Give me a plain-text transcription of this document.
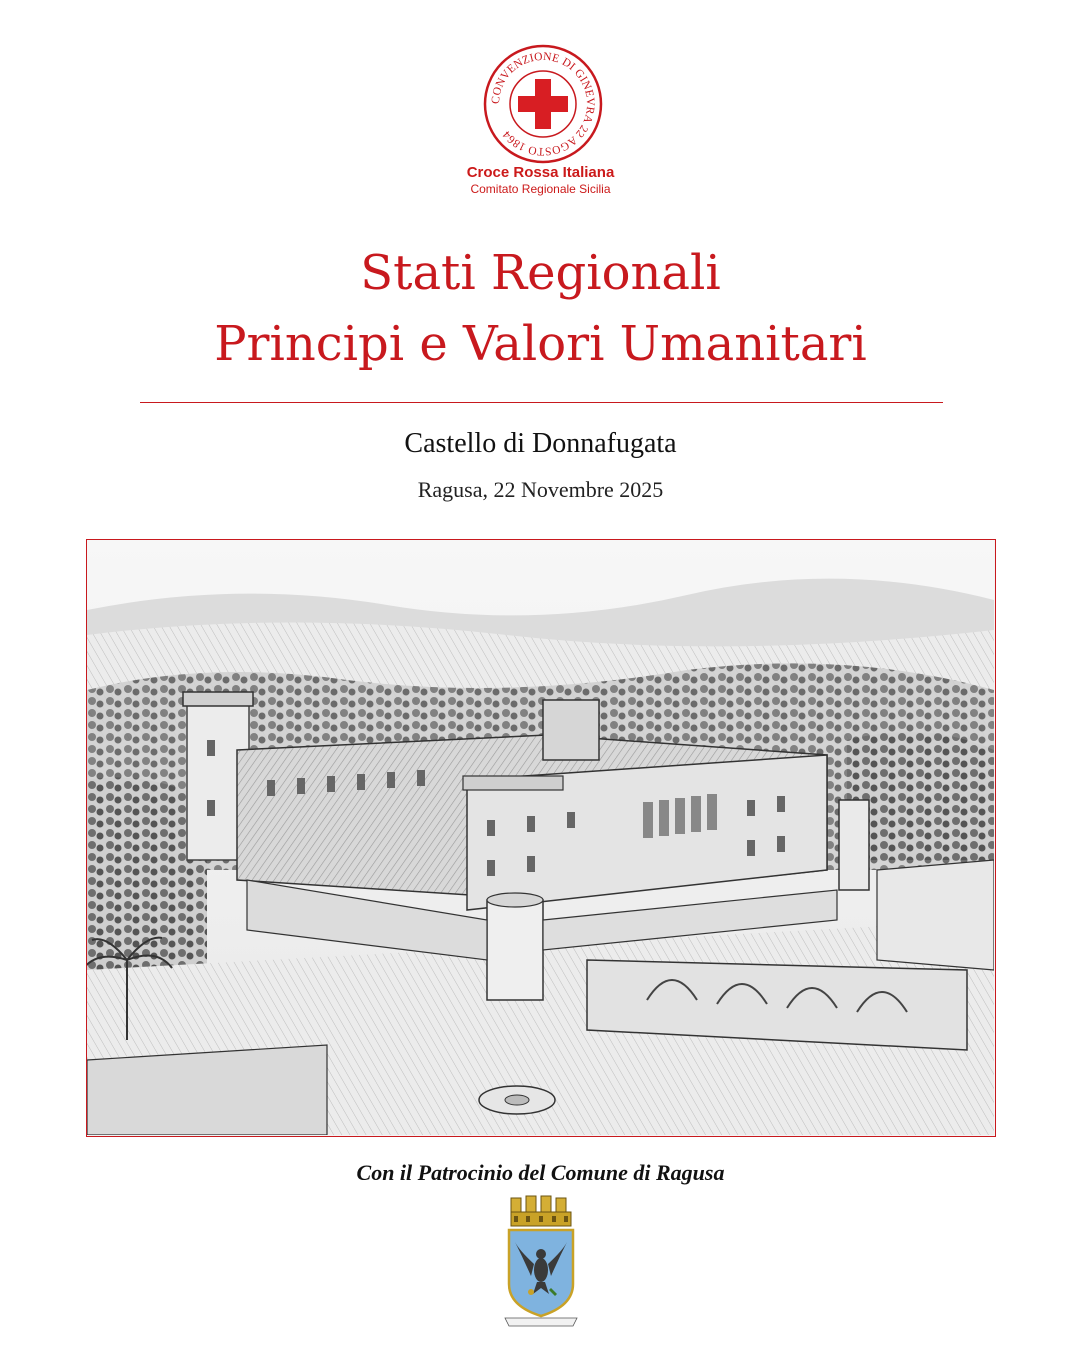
CONVENZIONE DI GINEVRA 22 AGOSTO 1864
Croce Rossa Italiana
Comitato Regionale Sicilia
Stati Regionali
Principi e Valori Umanitari
Castello di Donnafugata
Ragusa, 22 Novembre 2025
Con il Patrocinio del Comune di Ragusa
